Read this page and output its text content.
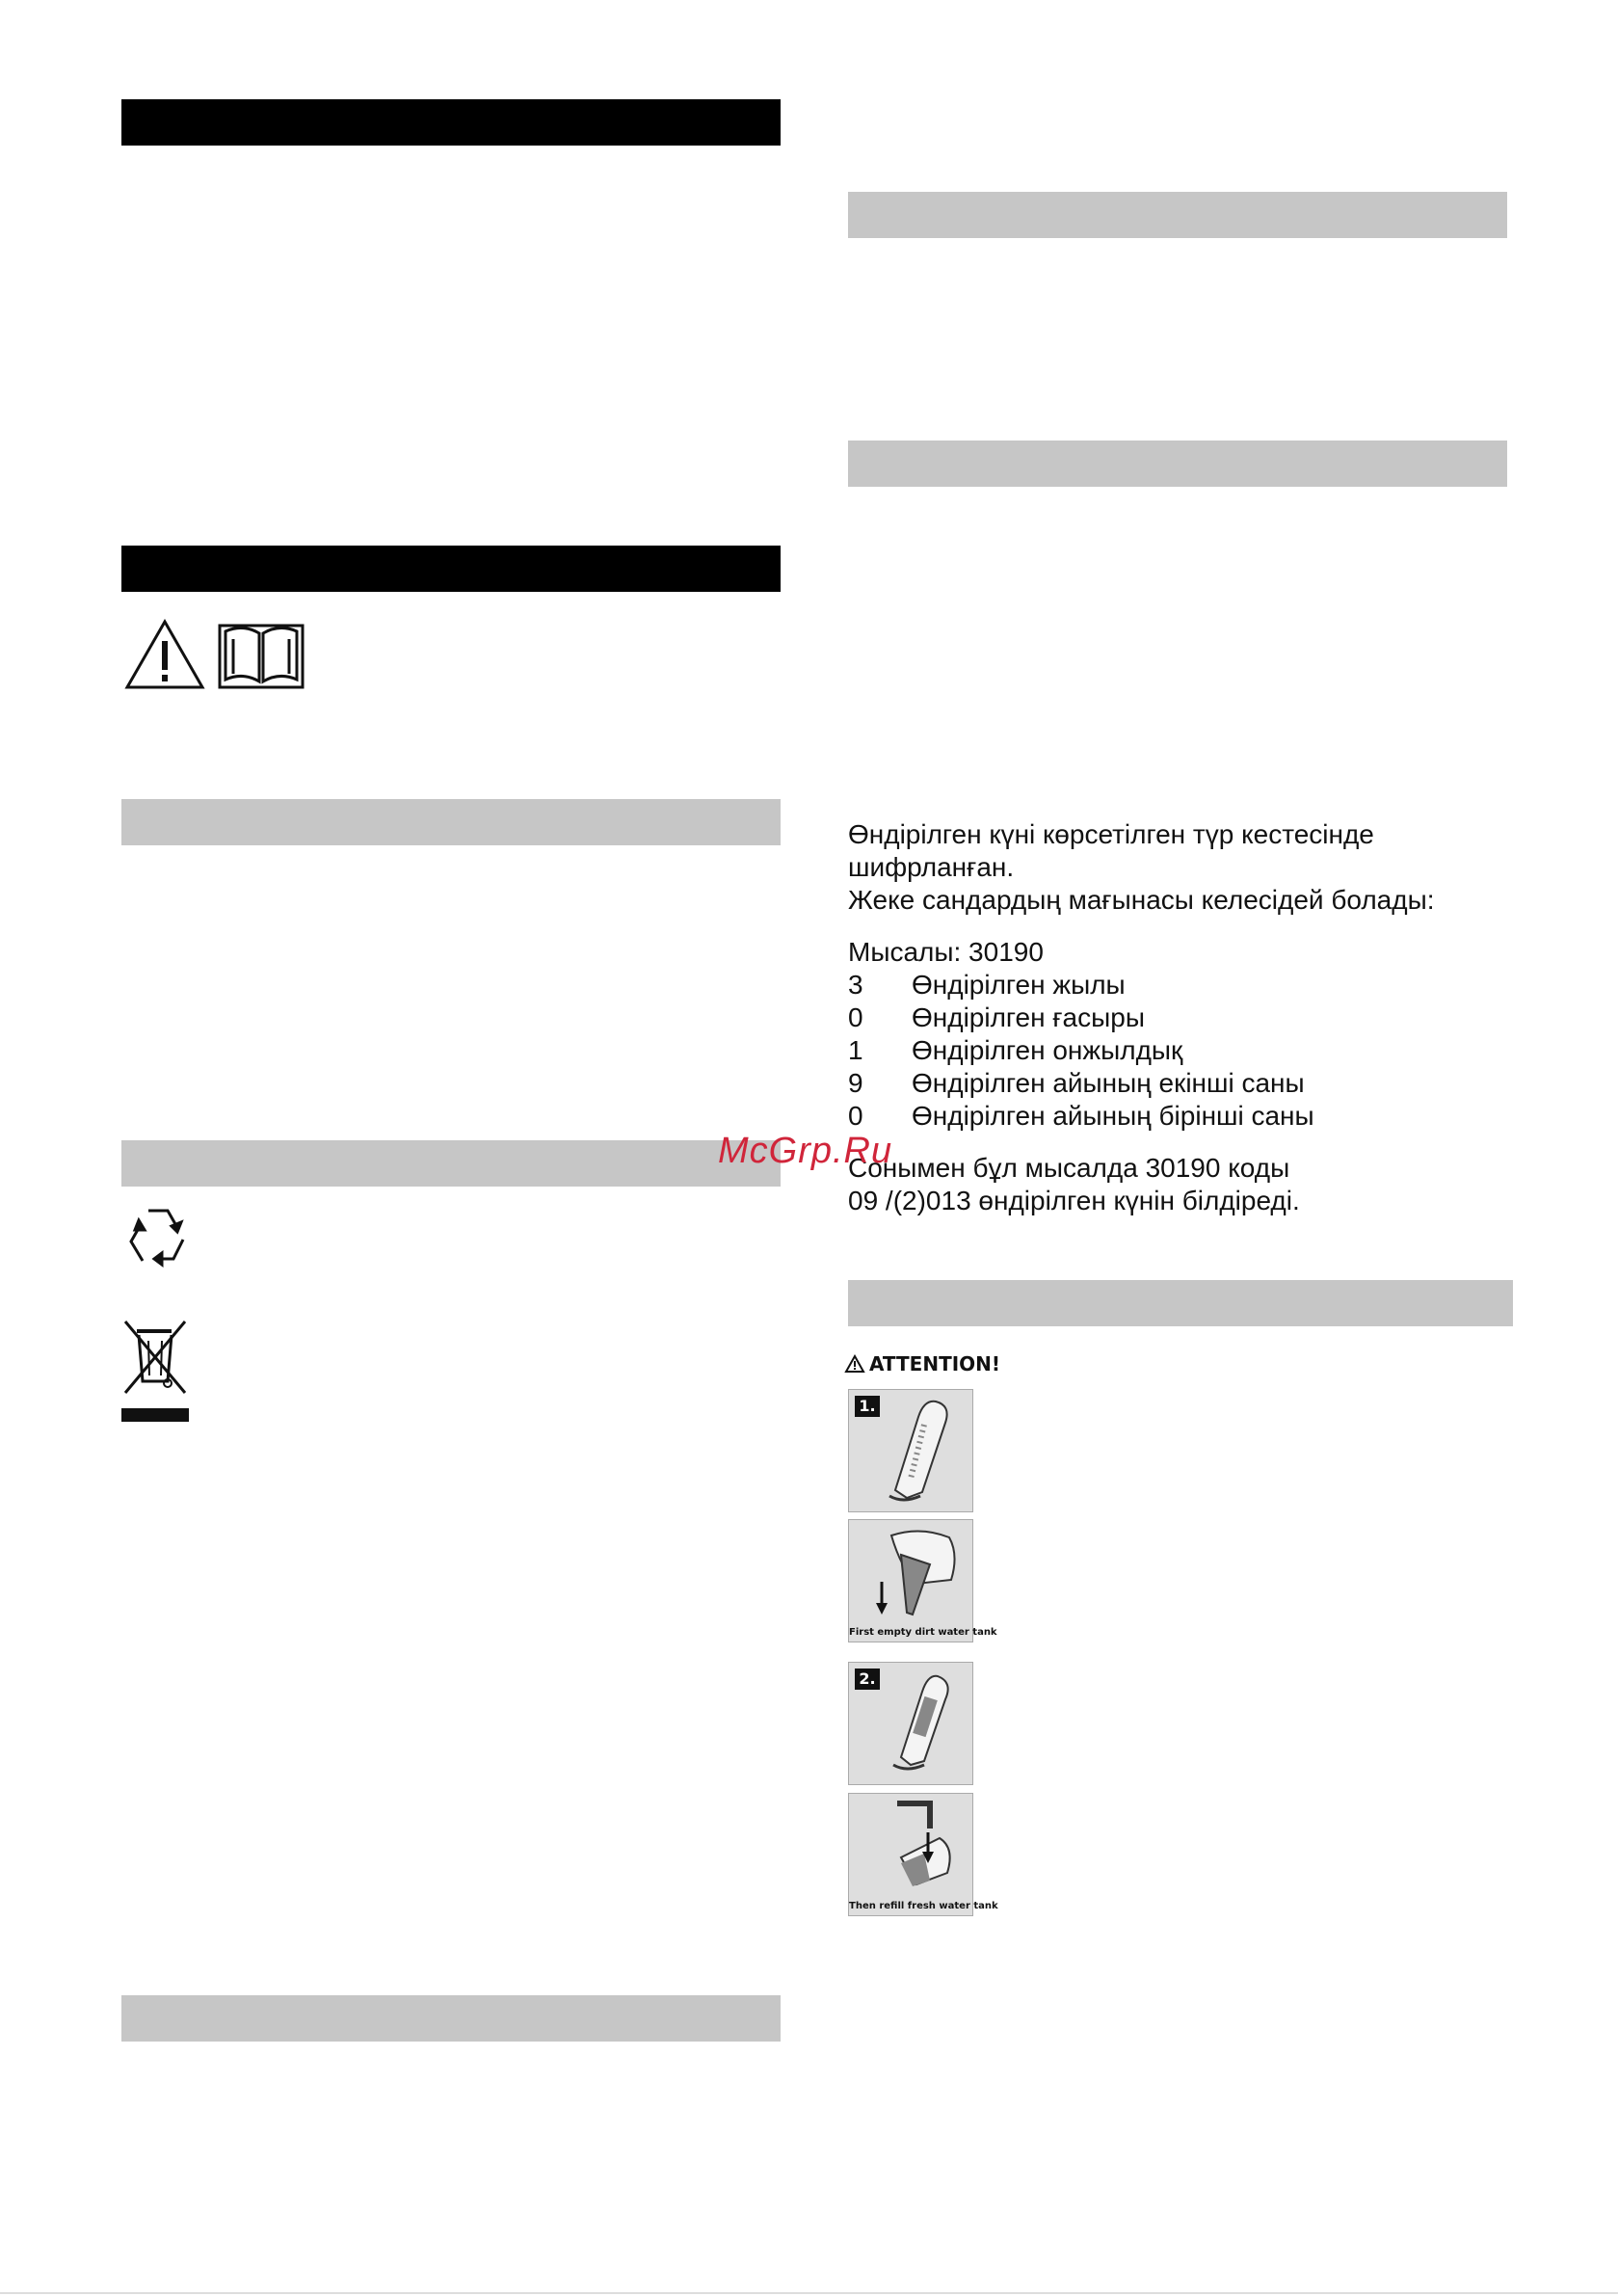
Өндірілген күні көрсетілген түр кестесінде
шифрланған.
Жеке сандардың мағынасы келесідей болады:
Мысалы: 30190
3 Өндірілген жылы
0 Өндірілген ғасыры
1 Өндірілген онжылдық
9 Өндірілген айының екінші саны
0 Өндірілген айының бірінші саны
Сонымен бұл мысалда 30190 коды
09 /(2)013 өндірілген күнін білдіреді.
McGrp.Ru
ATTENTION!
1.
First empty dirt water tank
2.
Then refill fresh water tank
